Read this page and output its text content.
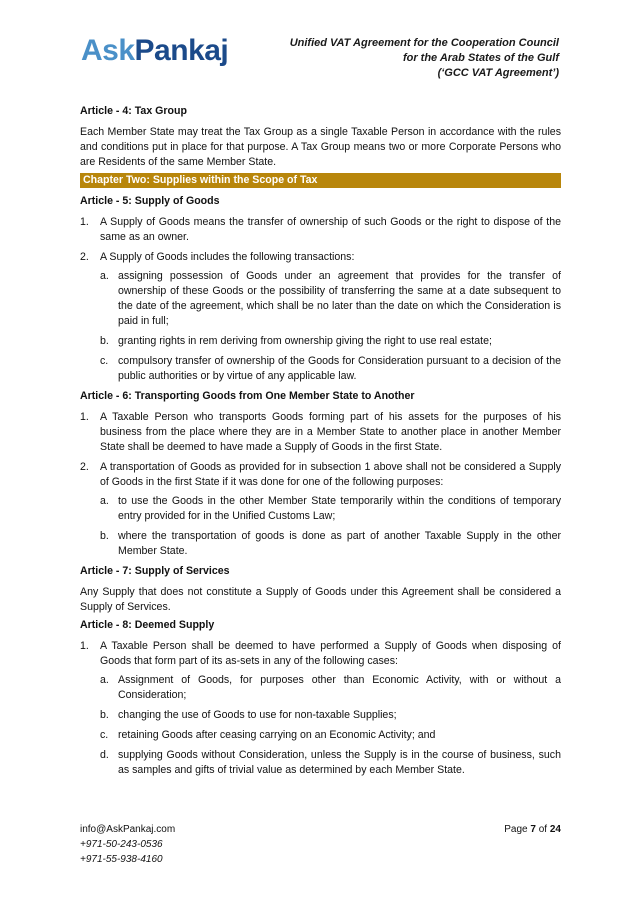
AskPankaj	Unified VAT Agreement for the Cooperation Council
for the Arab States of the Gulf
(‘GCC VAT Agreement’)
Article - 4: Tax Group
Each Member State may treat the Tax Group as a single Taxable Person in accordance with the rules and conditions put in place for that purpose. A Tax Group means two or more Corporate Persons who are Residents of the same Member State.
Chapter Two: Supplies within the Scope of Tax
Article - 5: Supply of Goods
1.	A Supply of Goods means the transfer of ownership of such Goods or the right to dispose of the same as an owner.
2.	A Supply of Goods includes the following transactions:
a. assigning possession of Goods under an agreement that provides for the transfer of ownership of these Goods or the possibility of transferring the same at a date subsequent to the date of the agreement, which shall be no later than the date on which the Consideration is paid in full;
b. granting rights in rem deriving from ownership giving the right to use real estate;
c. compulsory transfer of ownership of the Goods for Consideration pursuant to a decision of the public authorities or by virtue of any applicable law.
Article - 6: Transporting Goods from One Member State to Another
1.	A Taxable Person who transports Goods forming part of his assets for the purposes of his business from the place where they are in a Member State to another place in another Member State shall be deemed to have made a Supply of Goods in the first State.
2.	A transportation of Goods as provided for in subsection 1 above shall not be considered a Supply of Goods in the first State if it was done for one of the following purposes:
a. to use the Goods in the other Member State temporarily within the conditions of temporary entry provided for in the Unified Customs Law;
b. where the transportation of goods is done as part of another Taxable Supply in the other Member State.
Article - 7: Supply of Services
Any Supply that does not constitute a Supply of Goods under this Agreement shall be considered a Supply of Services.
Article - 8: Deemed Supply
1.	A Taxable Person shall be deemed to have performed a Supply of Goods when disposing of Goods that form part of its as-sets in any of the following cases:
a. Assignment of Goods, for purposes other than Economic Activity, with or without a Consideration;
b. changing the use of Goods to use for non-taxable Supplies;
c. retaining Goods after ceasing carrying on an Economic Activity; and
d. supplying Goods without Consideration, unless the Supply is in the course of business, such as samples and gifts of trivial value as determined by each Member State.
info@AskPankaj.com	Page 7 of 24
+971-50-243-0536
+971-55-938-4160
